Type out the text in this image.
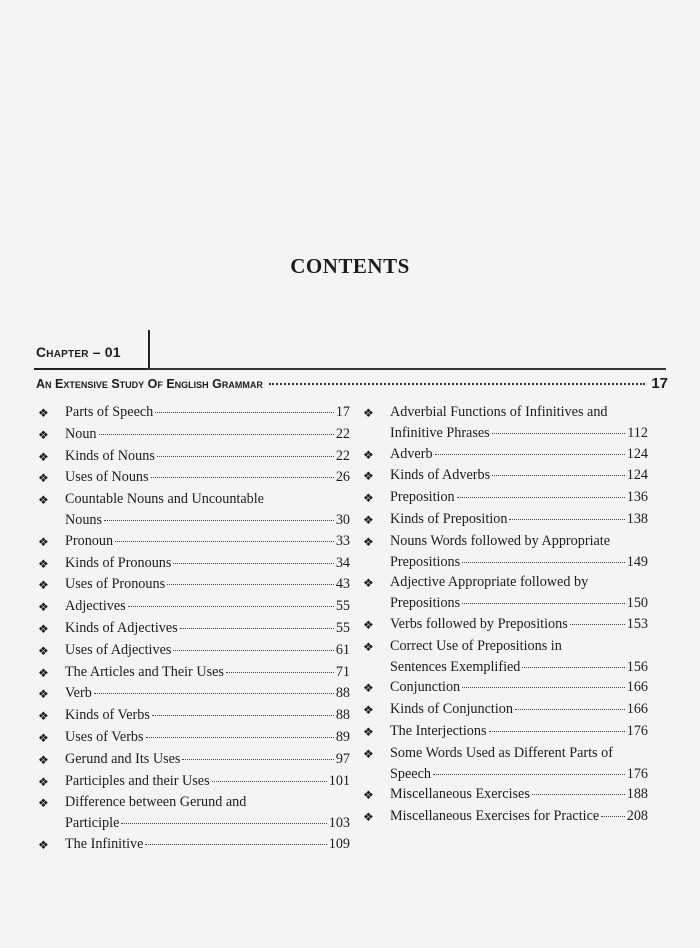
CONTENTS
Chapter – 01
An Extensive Study Of English Grammar	17
❖	Parts of Speech	17
❖	Noun	22
❖	Kinds of Nouns	22
❖	Uses of Nouns	26
❖	Countable Nouns and Uncountable
Nouns	30
❖	Pronoun	33
❖	Kinds of Pronouns	34
❖	Uses of Pronouns	43
❖	Adjectives	55
❖	Kinds of Adjectives	55
❖	Uses of Adjectives	61
❖	The Articles and Their Uses	71
❖	Verb	88
❖	Kinds of Verbs	88
❖	Uses of Verbs	89
❖	Gerund and Its Uses	97
❖	Participles and their Uses	101
❖	Difference between Gerund and
Participle	103
❖	The Infinitive	109
❖	Adverbial Functions of Infinitives and
Infinitive Phrases	112
❖	Adverb	124
❖	Kinds of Adverbs	124
❖	Preposition	136
❖	Kinds of Preposition	138
❖	Nouns Words followed by Appropriate
Prepositions	149
❖	Adjective Appropriate followed by
Prepositions	150
❖	Verbs followed by Prepositions	153
❖	Correct Use of Prepositions in
Sentences Exemplified	156
❖	Conjunction	166
❖	Kinds of Conjunction	166
❖	The Interjections	176
❖	Some Words Used as Different Parts of
Speech	176
❖	Miscellaneous Exercises	188
❖	Miscellaneous Exercises for Practice 208
